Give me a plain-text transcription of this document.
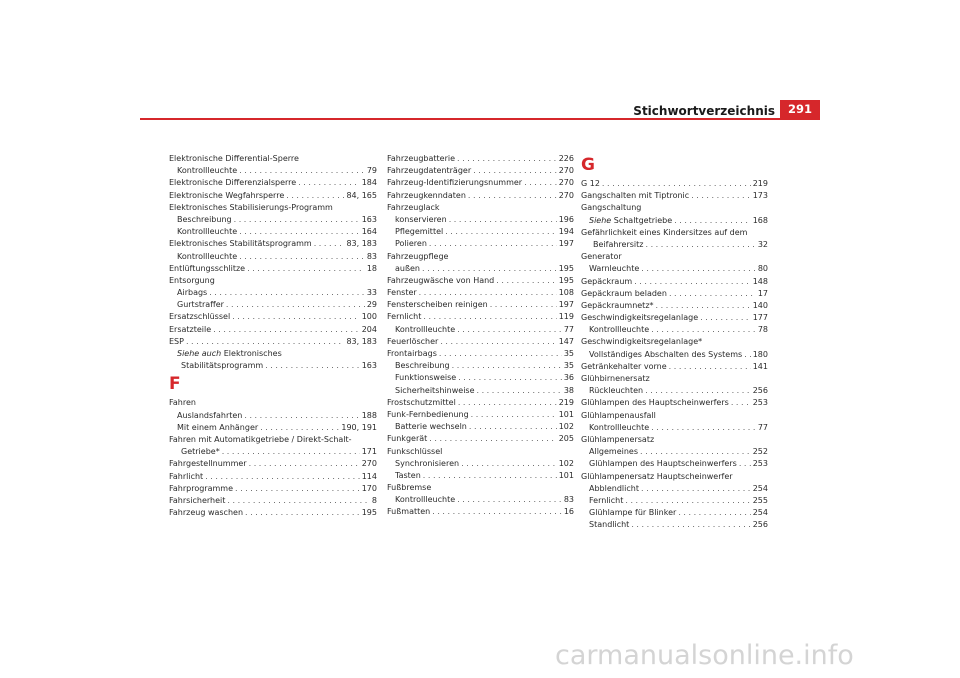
Stichwortverzeichnis	291
Elektronische Differential-Sperre
Kontrollleuchte . . .	79
Elektronische Differenzialsperre . . .	184
Elektronische Wegfahrsperre . . .	84, 165
Elektronisches Stabilisierungs-Programm
Beschreibung . . .	163
Kontrollleuchte . . .	164
Elektronisches Stabilitätsprogramm . . .	83, 183
Kontrollleuchte . . .	83
Entlüftungsschlitze . . .	18
Entsorgung
Airbags . . .	33
Gurtstraffer . . .	29
Ersatzschlüssel . . .	100
Ersatzteile . . .	204
ESP . . .	83, 183
Siehe auch Elektronisches
Stabilitätsprogramm . . .	163
F
Fahren
Auslandsfahrten . . .	188
Mit einem Anhänger . . .	190, 191
Fahren mit Automatikgetriebe / Direkt-Schalt-
Getriebe* . . .	171
Fahrgestellnummer . . .	270
Fahrlicht . . .	114
Fahrprogramme . . .	170
Fahrsicherheit . . .	8
Fahrzeug waschen . . .	195
Fahrzeugbatterie . . .	226
Fahrzeugdatenträger . . .	270
Fahrzeug-Identifizierungsnummer . . .	270
Fahrzeugkenndaten . . .	270
Fahrzeuglack
konservieren . . .	196
Pflegemittel . . .	194
Polieren . . .	197
Fahrzeugpflege
außen . . .	195
Fahrzeugwäsche von Hand . . .	195
Fenster . . .	108
Fensterscheiben reinigen . . .	197
Fernlicht . . .	119
Kontrollleuchte . . .	77
Feuerlöscher . . .	147
Frontairbags . . .	35
Beschreibung . . .	35
Funktionsweise . . .	36
Sicherheitshinweise . . .	38
Frostschutzmittel . . .	219
Funk-Fernbedienung . . .	101
Batterie wechseln . . .	102
Funkgerät . . .	205
Funkschlüssel
Synchronisieren . . .	102
Tasten . . .	101
Fußbremse
Kontrollleuchte . . .	83
Fußmatten . . .	16
G
G 12 . . .	219
Gangschalten mit Tiptronic . . .	173
Gangschaltung
Siehe Schaltgetriebe . . .	168
Gefährlichkeit eines Kindersitzes auf dem
Beifahrersitz . . .	32
Generator
Warnleuchte . . .	80
Gepäckraum . . .	148
Gepäckraum beladen . . .	17
Gepäckraumnetz* . . .	140
Geschwindigkeitsregelanlage . . .	177
Kontrollleuchte . . .	78
Geschwindigkeitsregelanlage*
Vollständiges Abschalten des Systems . . . 180
Getränkehalter vorne . . .	141
Glühbirnenersatz
Rückleuchten . . .	256
Glühlampen des Hauptscheinwerfers . . .	253
Glühlampenausfall
Kontrollleuchte . . .	77
Glühlampenersatz
Allgemeines . . .	252
Glühlampen des Hauptscheinwerfers . . . 253
Glühlampenersatz Hauptscheinwerfer
Abblendlicht . . .	254
Fernlicht . . .	255
Glühlampe für Blinker . . .	254
Standlicht . . .	256
carmanualsonline.info
